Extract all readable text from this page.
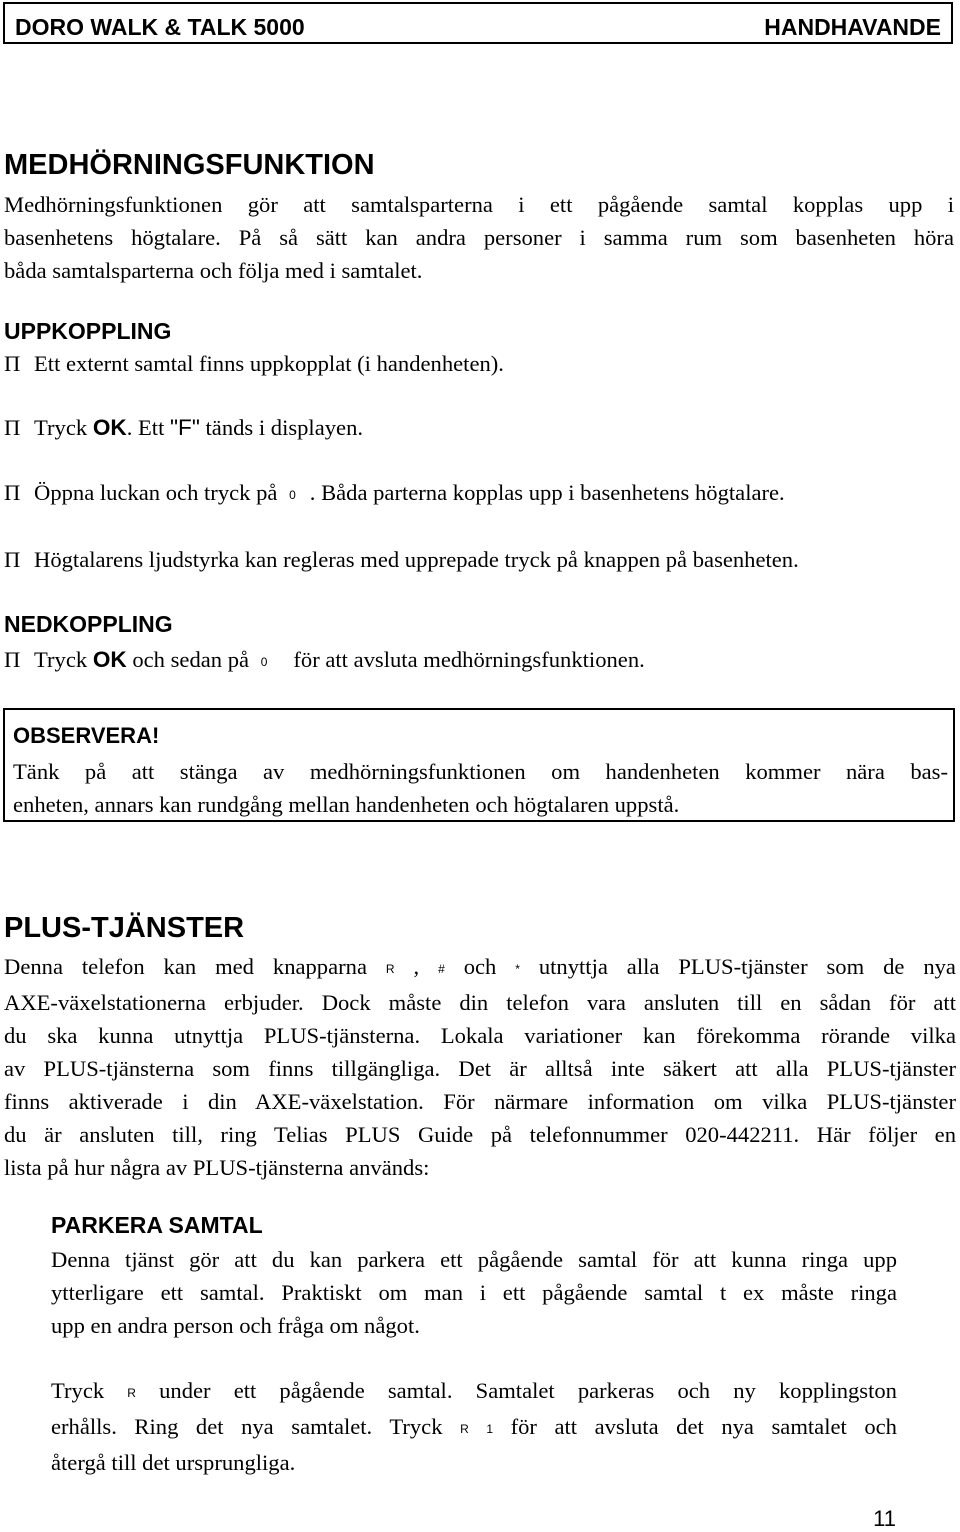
DORO WALK & TALK 5000	HANDHAVANDE
MEDHÖRNINGSFUNKTION
Medhörningsfunktionen gör att samtalsparterna i ett pågående samtal kopplas upp i
basenhetens högtalare. På så sätt kan andra personer i samma rum som basenheten höra
båda samtalsparterna och följa med i samtalet.
UPPKOPPLING
Π Ett externt samtal finns uppkopplat (i handenheten).
Π Tryck OK. Ett "F" tänds i displayen.
Π Öppna luckan och tryck på 0 . Båda parterna kopplas upp i basenhetens högtalare.
Π Högtalarens ljudstyrka kan regleras med upprepade tryck på knappen på basenheten.
NEDKOPPLING
Π Tryck OK och sedan på 0 för att avsluta medhörningsfunktionen.
OBSERVERA!
Tänk på att stänga av medhörningsfunktionen om handenheten kommer nära bas-
enheten, annars kan rundgång mellan handenheten och högtalaren uppstå.
PLUS-TJÄNSTER
Denna telefon kan med knapparna R , # och * utnyttja alla PLUS-tjänster som de nya
AXE-växelstationerna erbjuder. Dock måste din telefon vara ansluten till en sådan för att
du ska kunna utnyttja PLUS-tjänsterna. Lokala variationer kan förekomma rörande vilka
av PLUS-tjänsterna som finns tillgängliga. Det är alltså inte säkert att alla PLUS-tjänster
finns aktiverade i din AXE-växelstation. För närmare information om vilka PLUS-tjänster
du är ansluten till, ring Telias PLUS Guide på telefonnummer 020-442211. Här följer en
lista på hur några av PLUS-tjänsterna används:
PARKERA SAMTAL
Denna tjänst gör att du kan parkera ett pågående samtal för att kunna ringa upp
ytterligare ett samtal. Praktiskt om man i ett pågående samtal t ex måste ringa
upp en andra person och fråga om något.
Tryck R under ett pågående samtal. Samtalet parkeras och ny kopplingston
erhålls. Ring det nya samtalet. Tryck R 1 för att avsluta det nya samtalet och
återgå till det ursprungliga.
11
